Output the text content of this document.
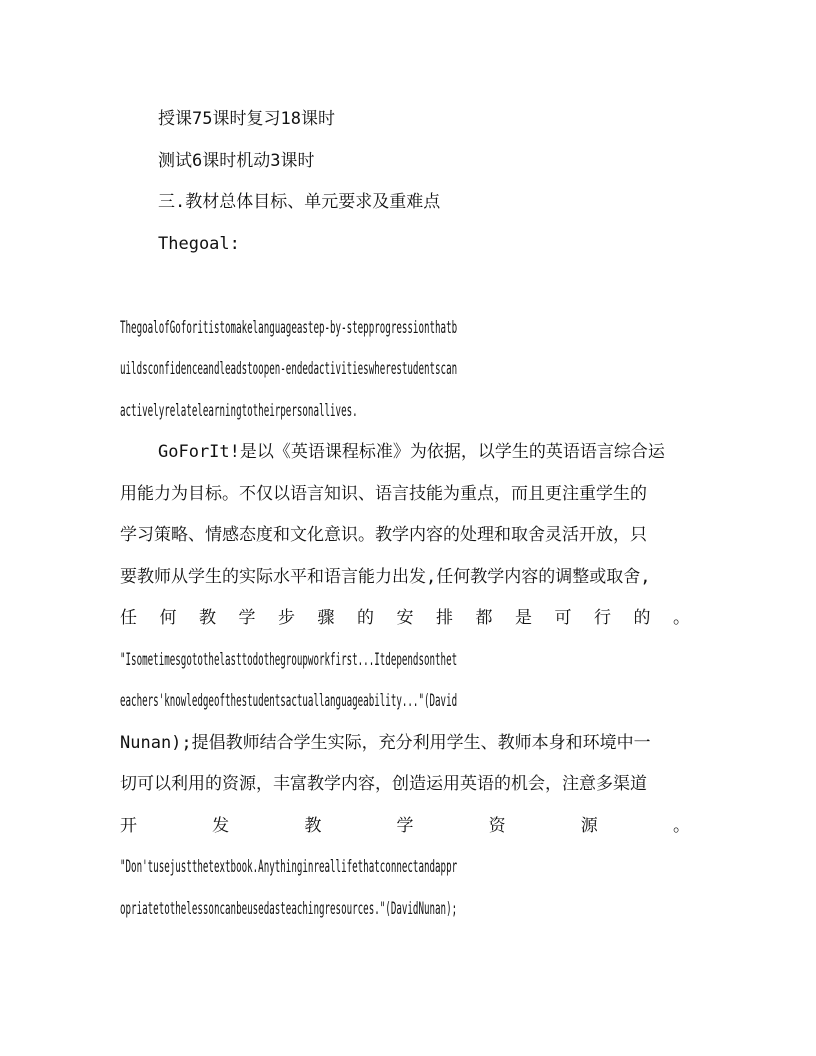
授课75课时复习18课时
测试6课时机动3课时
三.教材总体目标、单元要求及重难点
Thegoal:
ThegoalofGoforitistomakelanguageastep-by-stepprogressionthatb
uildsconfidenceandleadstoopen-endedactivitieswherestudentscan
activelyrelatelearningtotheirpersonallives.
GoForIt!是以《英语课程标准》为依据，以学生的英语语言综合运
用能力为目标。不仅以语言知识、语言技能为重点，而且更注重学生的
学习策略、情感态度和文化意识。教学内容的处理和取舍灵活开放，只
要教师从学生的实际水平和语言能力出发,任何教学内容的调整或取舍,
任 何 教 学 步 骤 的 安 排 都 是 可 行 的 。
"Isometimesgotothelasttodothegroupworkfirst...Itdependsonthet
eachers'knowledgeofthestudentsactuallanguageability..."(David
Nunan);提倡教师结合学生实际，充分利用学生、教师本身和环境中一
切可以利用的资源，丰富教学内容，创造运用英语的机会，注意多渠道
开	发	教	学	资	源	。
"Don'tusejustthetextbook.Anythinginreallifethatconnectandappr
opriatetothelessoncanbeusedasteachingresources."(DavidNunan);
